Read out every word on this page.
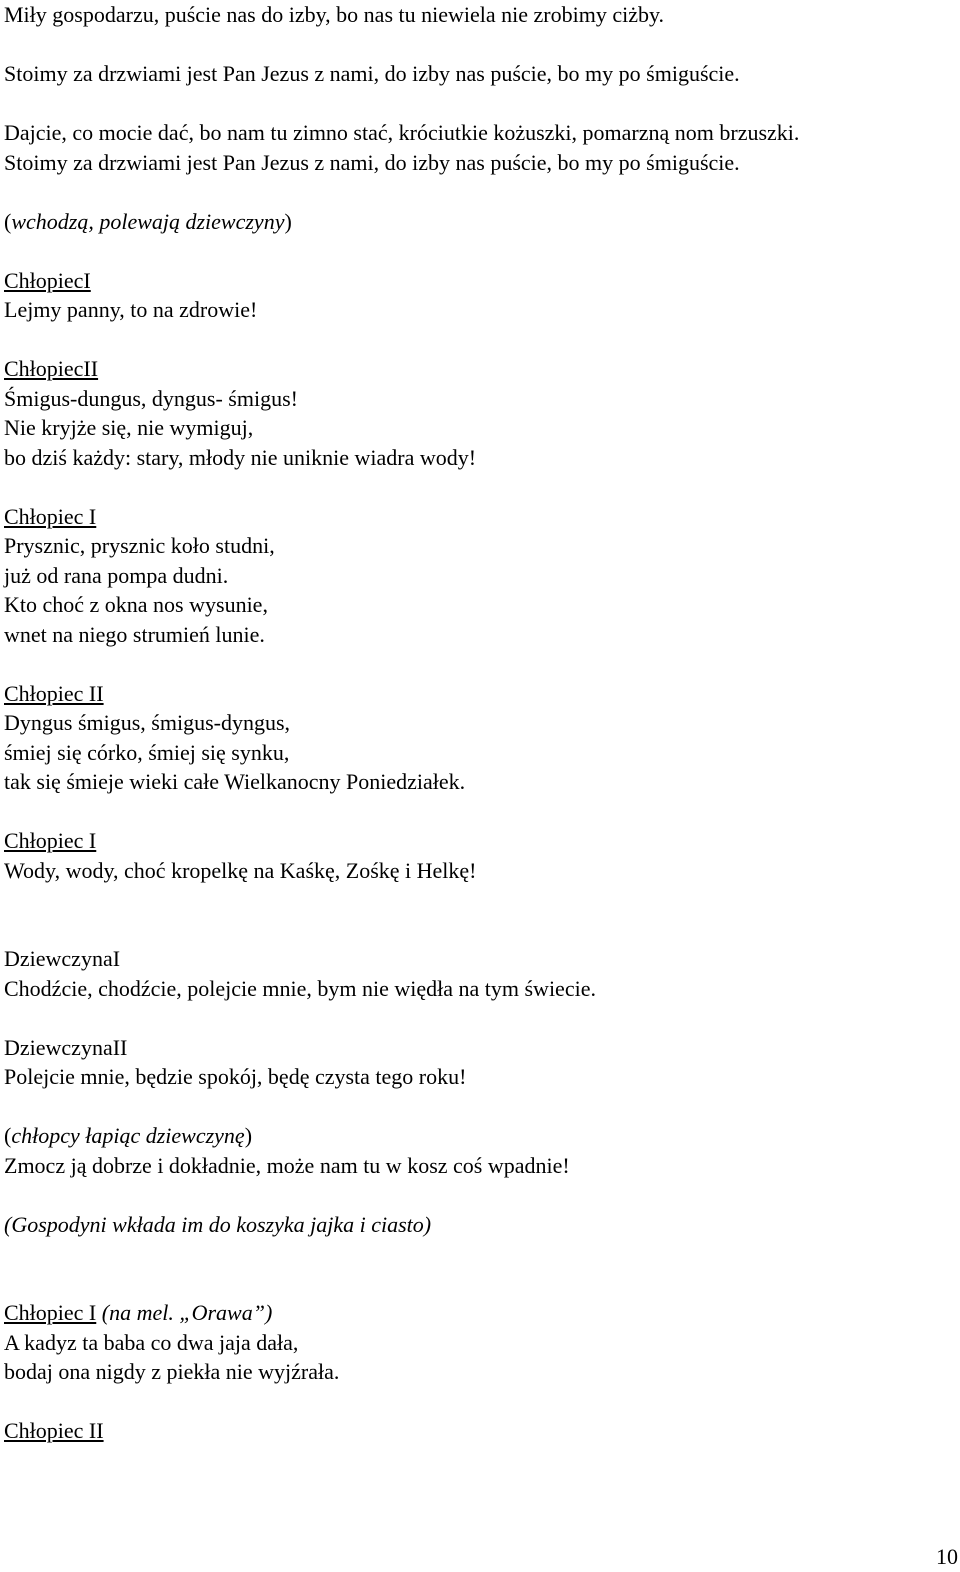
Miły gospodarzu, puście nas do izby, bo nas tu niewiela nie zrobimy ciżby.

Stoimy za drzwiami jest Pan Jezus z nami, do izby nas puście, bo my po śmiguście.

Dajcie, co mocie dać, bo nam tu zimno stać, króciutkie kożuszki, pomarzną nom brzuszki.

Stoimy za drzwiami jest Pan Jezus z nami, do izby nas puście, bo my po śmiguście.

(wchodzą, polewają dziewczyny)

ChłopiecI

Lejmy panny, to na zdrowie!

ChłopiecII

Śmigus-dungus, dyngus- śmigus!

Nie kryjże się, nie wymiguj,

bo dziś każdy: stary, młody nie uniknie wiadra wody!

Chłopiec I

Prysznic, prysznic koło studni,

już od rana pompa dudni.

Kto choć z okna nos wysunie,

wnet na niego strumień lunie.

Chłopiec II

Dyngus śmigus, śmigus-dyngus,

śmiej się córko, śmiej się synku,

tak się śmieje wieki całe Wielkanocny Poniedziałek.

Chłopiec I

Wody, wody, choć kropelkę na Kaśkę, Zośkę i Helkę!

DziewczynaI

Chodźcie, chodźcie, polejcie mnie, bym nie więdła na tym świecie.

DziewczynaII

Polejcie mnie, będzie spokój, będę czysta tego roku!

(chłopcy łapiąc dziewczynę)

Zmocz ją dobrze i dokładnie, może nam tu w kosz coś wpadnie!

(Gospodyni wkłada im do koszyka jajka i ciasto)

Chłopiec I (na mel. „Orawa”)

A kadyz ta baba co dwa jaja dała,

bodaj ona nigdy z piekła nie wyjźrała.

Chłopiec II

10
